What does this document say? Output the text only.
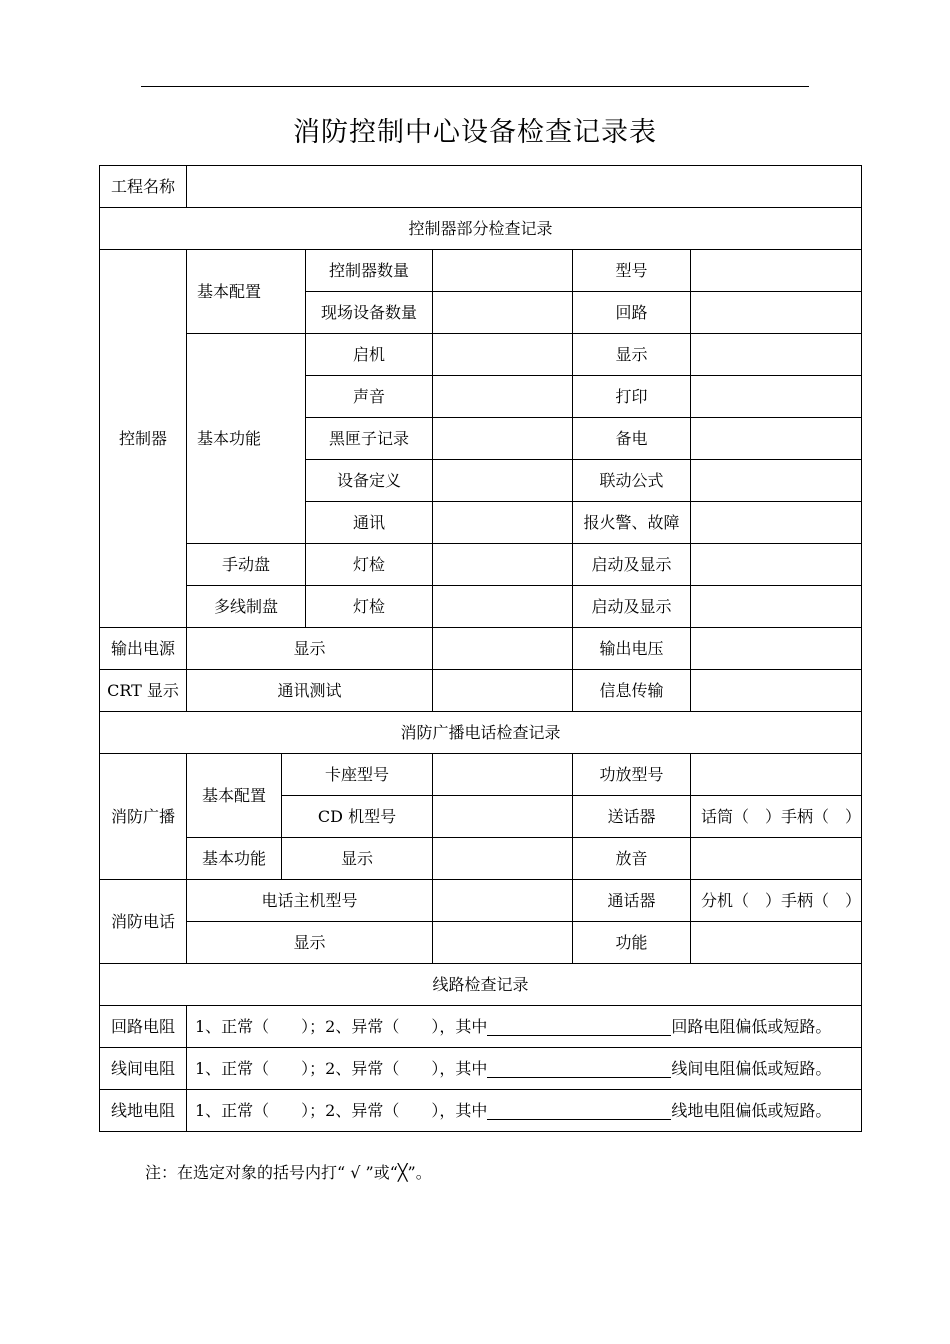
消防控制中心设备检查记录表
工程名称						
控制器部分检查记录						
控制器	基本配置		控制器数量		型号	
			现场设备数量		回路	
	基本功能		启机		显示	
			声音		打印	
			黑匣子记录		备电	
			设备定义		联动公式	
			通讯		报火警、故障	
	手动盘		灯检		启动及显示	
	多线制盘		灯检		启动及显示	
输出电源	显示				输出电压	
CRT 显示	通讯测试				信息传输	
消防广播电话检查记录						
消防广播	基本配置	卡座型号			功放型号	
		CD 机型号			送话器	话筒（　）手柄（　）
	基本功能	显示			放音	
消防电话	电话主机型号				通话器	分机（　）手柄（　）
	显示				功能	
线路检查记录						
回路电阻	1、正常（　　）；2、异常（　　），其中 回路电阻偏低或短路。					
线间电阻	1、正常（　　）；2、异常（　　），其中 线间电阻偏低或短路。					
线地电阻	1、正常（　　）；2、异常（　　），其中 线地电阻偏低或短路。					
注：在选定对象的括号内打“ √ ”或“╳”。
